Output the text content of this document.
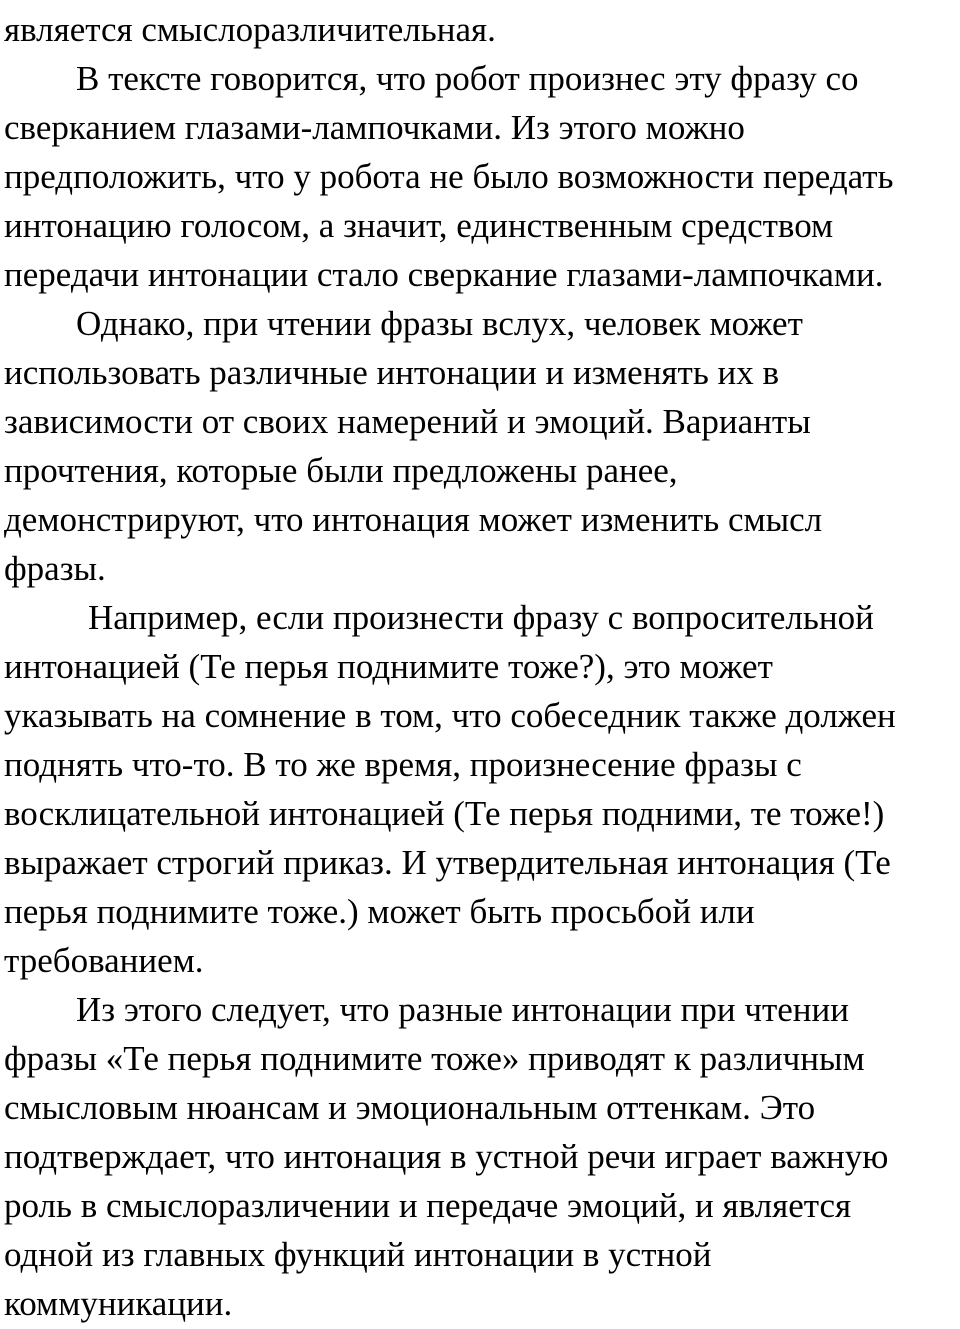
является смыслоразличительная.
В тексте говорится, что робот произнес эту фразу со
сверканием глазами-лампочками. Из этого можно
предположить, что у робота не было возможности передать
интонацию голосом, а значит, единственным средством
передачи интонации стало сверкание глазами-лампочками.
Однако, при чтении фразы вслух, человек может
использовать различные интонации и изменять их в
зависимости от своих намерений и эмоций. Варианты
прочтения, которые были предложены ранее,
демонстрируют, что интонация может изменить смысл
фразы.
Например, если произнести фразу с вопросительной
интонацией (Те перья поднимите тоже?), это может
указывать на сомнение в том, что собеседник также должен
поднять что-то. В то же время, произнесение фразы с
восклицательной интонацией (Те перья подними, те тоже!)
выражает строгий приказ. И утвердительная интонация (Те
перья поднимите тоже.) может быть просьбой или
требованием.
Из этого следует, что разные интонации при чтении
фразы «Те перья поднимите тоже» приводят к различным
смысловым нюансам и эмоциональным оттенкам. Это
подтверждает, что интонация в устной речи играет важную
роль в смыслоразличении и передаче эмоций, и является
одной из главных функций интонации в устной
коммуникации.
